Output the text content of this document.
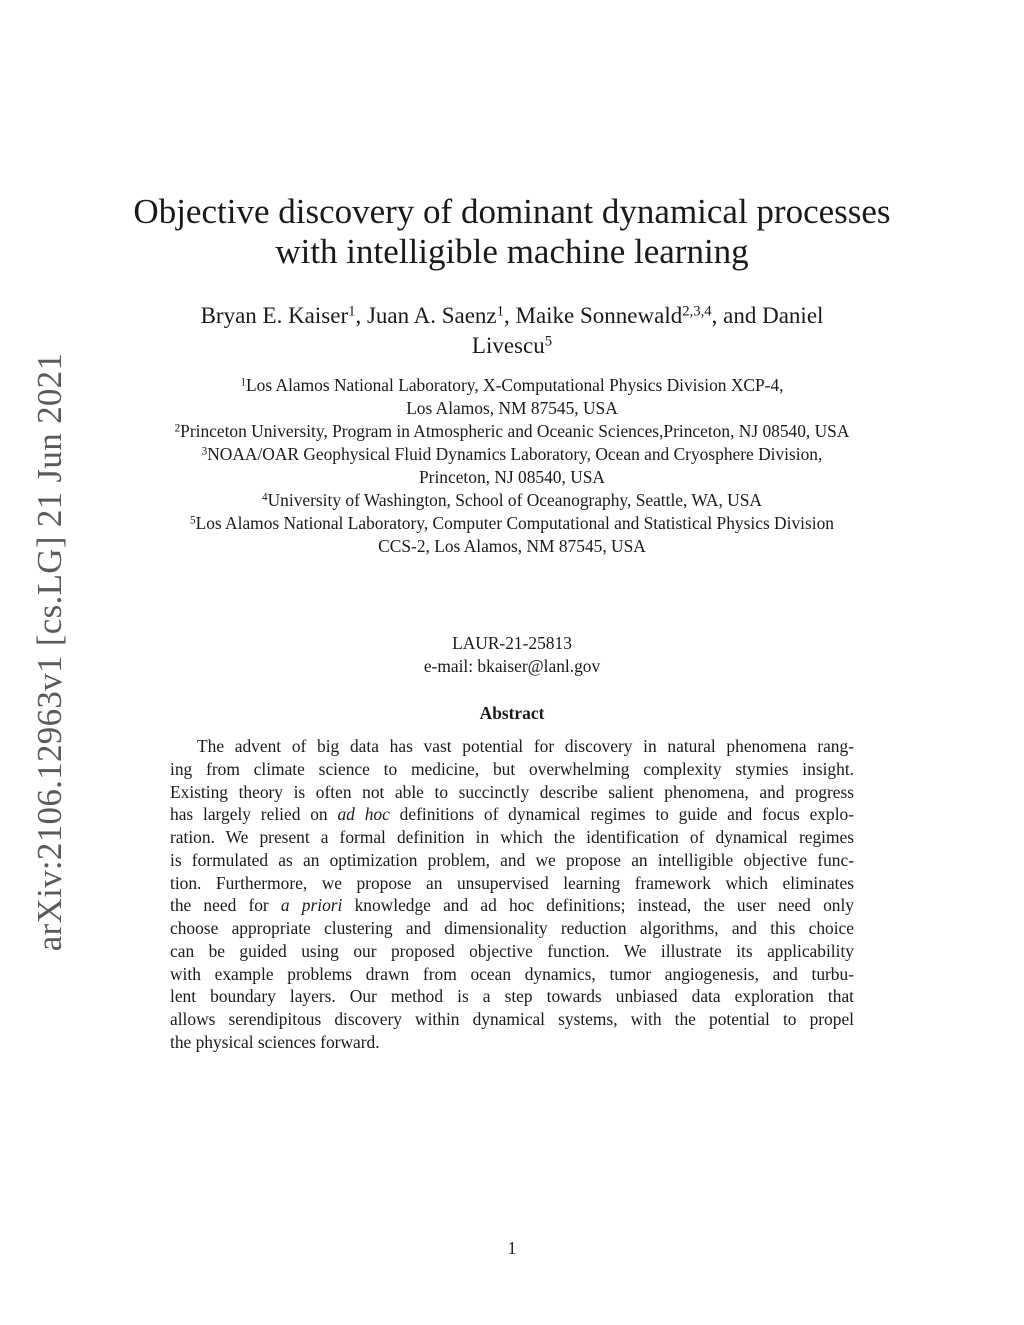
arXiv:2106.12963v1 [cs.LG] 21 Jun 2021
Objective discovery of dominant dynamical processes
with intelligible machine learning
Bryan E. Kaiser$^1$, Juan A. Saenz$^1$, Maike Sonnewald$^{2,3,4}$, and Daniel
Livescu$^5$
$^1$Los Alamos National Laboratory, X-Computational Physics Division XCP-4,
Los Alamos, NM 87545, USA
$^2$Princeton University, Program in Atmospheric and Oceanic Sciences,Princeton, NJ 08540, USA
$^3$NOAA/OAR Geophysical Fluid Dynamics Laboratory, Ocean and Cryosphere Division,
Princeton, NJ 08540, USA
$^4$University of Washington, School of Oceanography, Seattle, WA, USA
$^5$Los Alamos National Laboratory, Computer Computational and Statistical Physics Division
CCS-2, Los Alamos, NM 87545, USA
LAUR-21-25813
e-mail: bkaiser@lanl.gov
Abstract
The advent of big data has vast potential for discovery in natural phenomena rang-
ing from climate science to medicine, but overwhelming complexity stymies insight.
Existing theory is often not able to succinctly describe salient phenomena, and progress
has largely relied on ad hoc definitions of dynamical regimes to guide and focus explo-
ration. We present a formal definition in which the identification of dynamical regimes
is formulated as an optimization problem, and we propose an intelligible objective func-
tion. Furthermore, we propose an unsupervised learning framework which eliminates
the need for a priori knowledge and ad hoc definitions; instead, the user need only
choose appropriate clustering and dimensionality reduction algorithms, and this choice
can be guided using our proposed objective function. We illustrate its applicability
with example problems drawn from ocean dynamics, tumor angiogenesis, and turbu-
lent boundary layers. Our method is a step towards unbiased data exploration that
allows serendipitous discovery within dynamical systems, with the potential to propel
the physical sciences forward.
1
